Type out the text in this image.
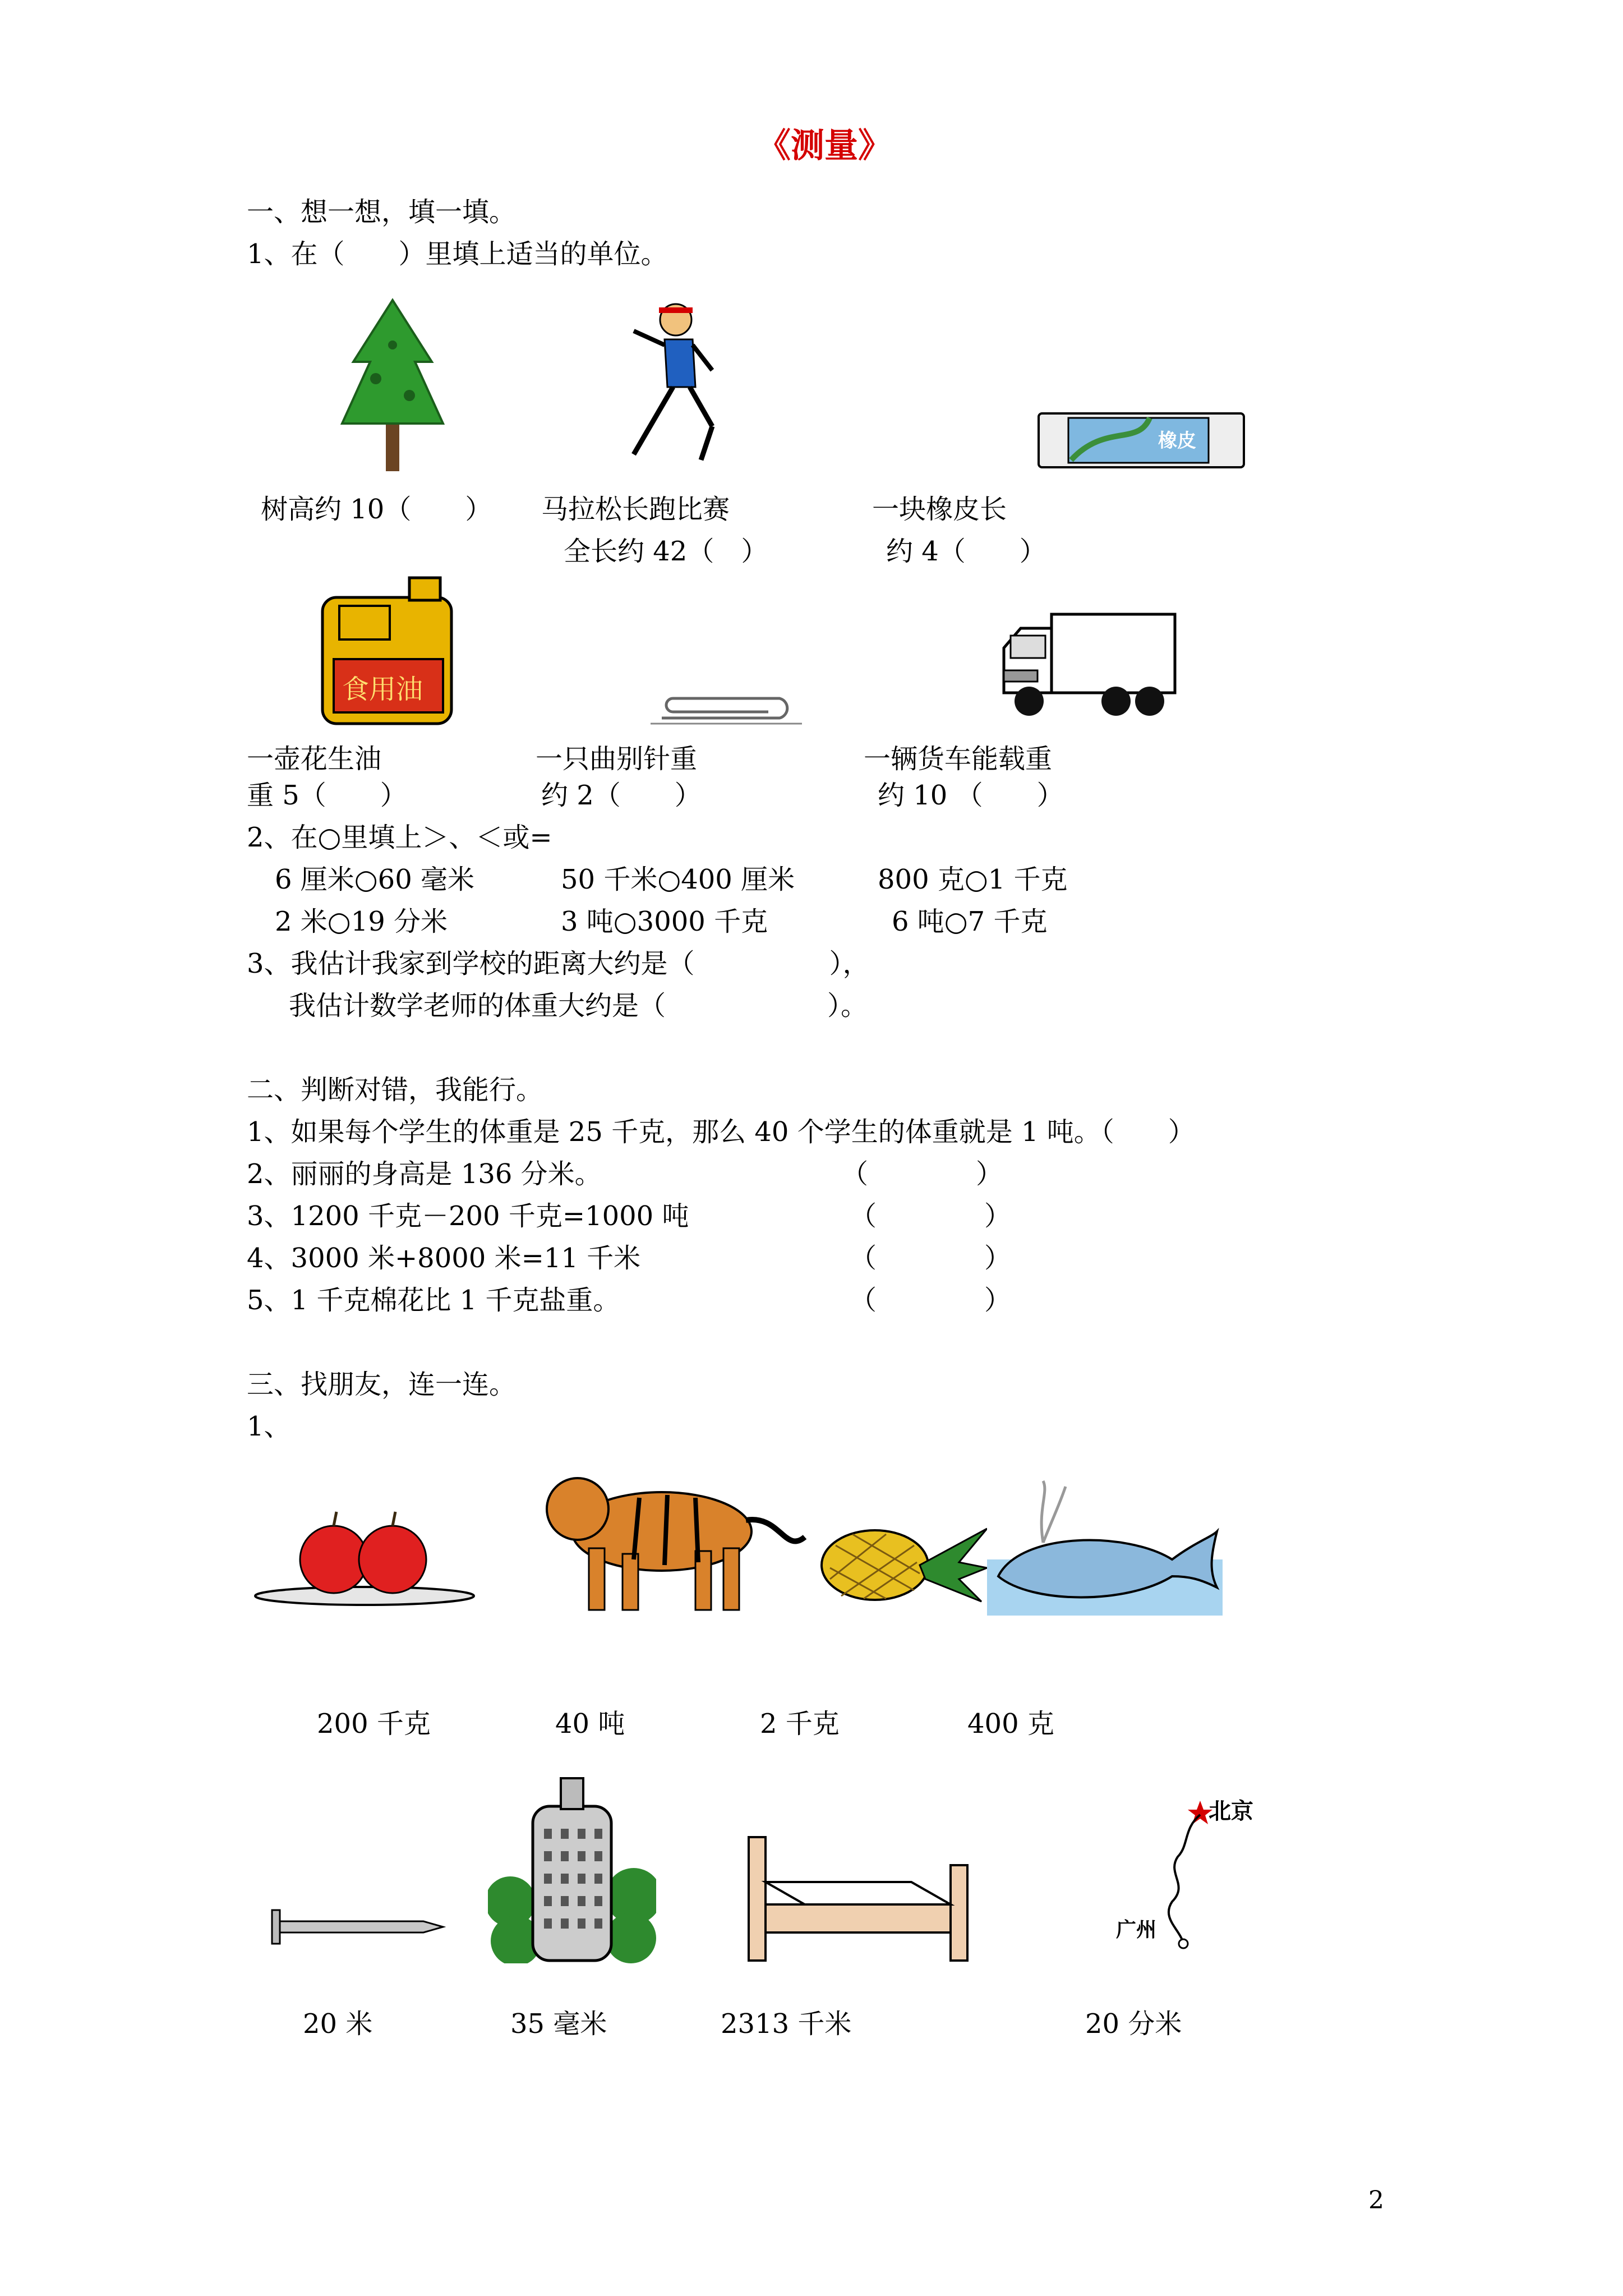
《测量》
一、想一想，填一填。
1、在（　　）里填上适当的单位。
橡皮
树高约 10（　　） 马拉松长跑比赛
全长约 42（　）
一块橡皮长
约 4（　　）
食用油
一壶花生油
重 5（　　）
一只曲别针重
约 2（　　）
一辆货车能载重
约 10 （　　）
2、在○里填上＞、＜或=
6 厘米○60 毫米	50 千米○400 厘米	800 克○1 千克
2 米○19 分米	3 吨○3000 千克	6 吨○7 千克
3、我估计我家到学校的距离大约是（　　　　　），
我估计数学老师的体重大约是（　　　　　　）。
二、判断对错，我能行。
1、如果每个学生的体重是 25 千克，那么 40 个学生的体重就是 1 吨。（　　）
2、丽丽的身高是 136 分米。	（　　　　）
3、1200 千克－200 千克=1000 吨	（　　　　）
4、3000 米+8000 米=11 千米	（　　　　）
5、1 千克棉花比 1 千克盐重。	（　　　　）
三、找朋友，连一连。
1、
200 千克	40 吨	2 千克	400 克
北京
广州
20 米	35 毫米	2313 千米	20 分米
2
